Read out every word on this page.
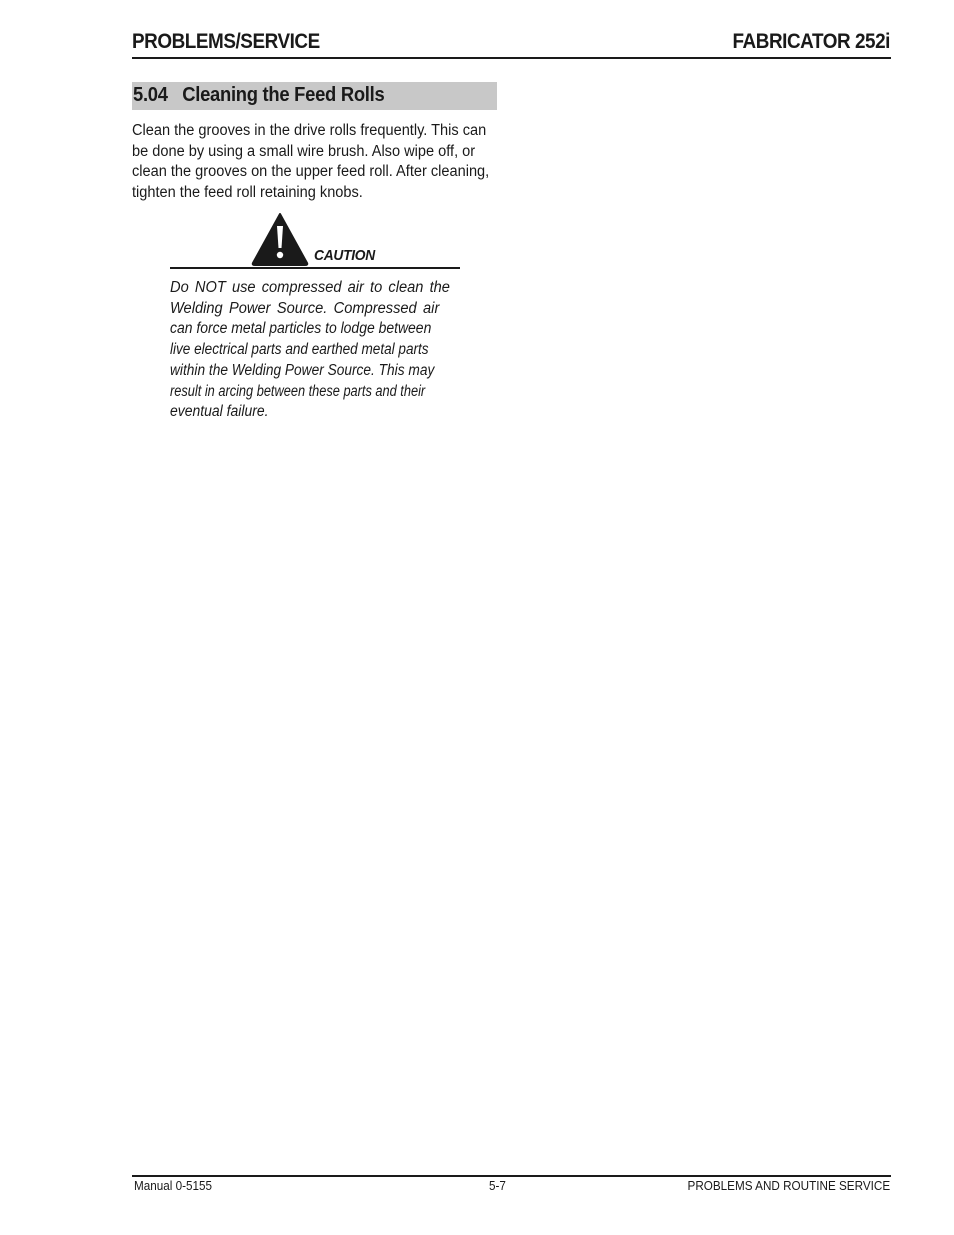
PROBLEMS/SERVICE	FABRICATOR 252i
5.04   Cleaning the Feed Rolls
Clean the grooves in the drive rolls frequently. This can
be done by using a small wire brush. Also wipe off, or
clean the grooves on the upper feed roll. After cleaning,
tighten the feed roll retaining knobs.
CAUTION
Do NOT use compressed air to clean the
Welding Power Source. Compressed air
can force metal particles to lodge between
live electrical parts and earthed metal parts
within the Welding Power Source. This may
result in arcing between these parts and their
eventual failure.
Manual 0-5155	5-7	PROBLEMS AND ROUTINE SERVICE
